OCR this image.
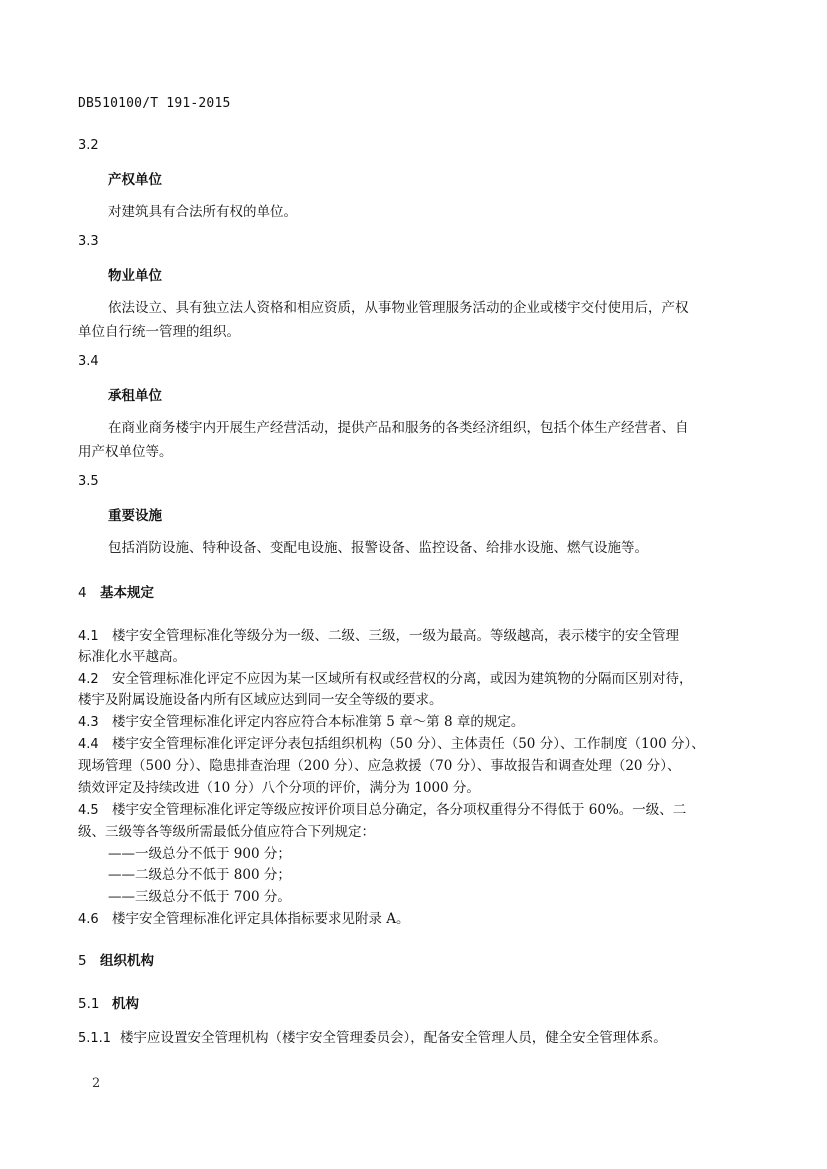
DB510100/T 191-2015
3.2
产权单位
对建筑具有合法所有权的单位。
3.3
物业单位
依法设立、具有独立法人资格和相应资质，从事物业管理服务活动的企业或楼宇交付使用后，产权
单位自行统一管理的组织。
3.4
承租单位
在商业商务楼宇内开展生产经营活动，提供产品和服务的各类经济组织，包括个体生产经营者、自
用产权单位等。
3.5
重要设施
包括消防设施、特种设备、变配电设施、报警设备、监控设备、给排水设施、燃气设施等。
4 基本规定
4.1 楼宇安全管理标准化等级分为一级、二级、三级，一级为最高。等级越高，表示楼宇的安全管理
标准化水平越高。
4.2 安全管理标准化评定不应因为某一区域所有权或经营权的分离，或因为建筑物的分隔而区别对待，
楼宇及附属设施设备内所有区域应达到同一安全等级的要求。
4.3 楼宇安全管理标准化评定内容应符合本标准第 5 章～第 8 章的规定。
4.4 楼宇安全管理标准化评定评分表包括组织机构（50 分）、主体责任（50 分）、工作制度（100 分）、
现场管理（500 分）、隐患排查治理（200 分）、应急救援（70 分）、事故报告和调查处理（20 分）、
绩效评定及持续改进（10 分）八个分项的评价，满分为 1000 分。
4.5 楼宇安全管理标准化评定等级应按评价项目总分确定，各分项权重得分不得低于 60%。一级、二
级、三级等各等级所需最低分值应符合下列规定：
——一级总分不低于 900 分；
——二级总分不低于 800 分；
——三级总分不低于 700 分。
4.6 楼宇安全管理标准化评定具体指标要求见附录 A。
5 组织机构
5.1 机构
5.1.1 楼宇应设置安全管理机构（楼宇安全管理委员会），配备安全管理人员，健全安全管理体系。
2
